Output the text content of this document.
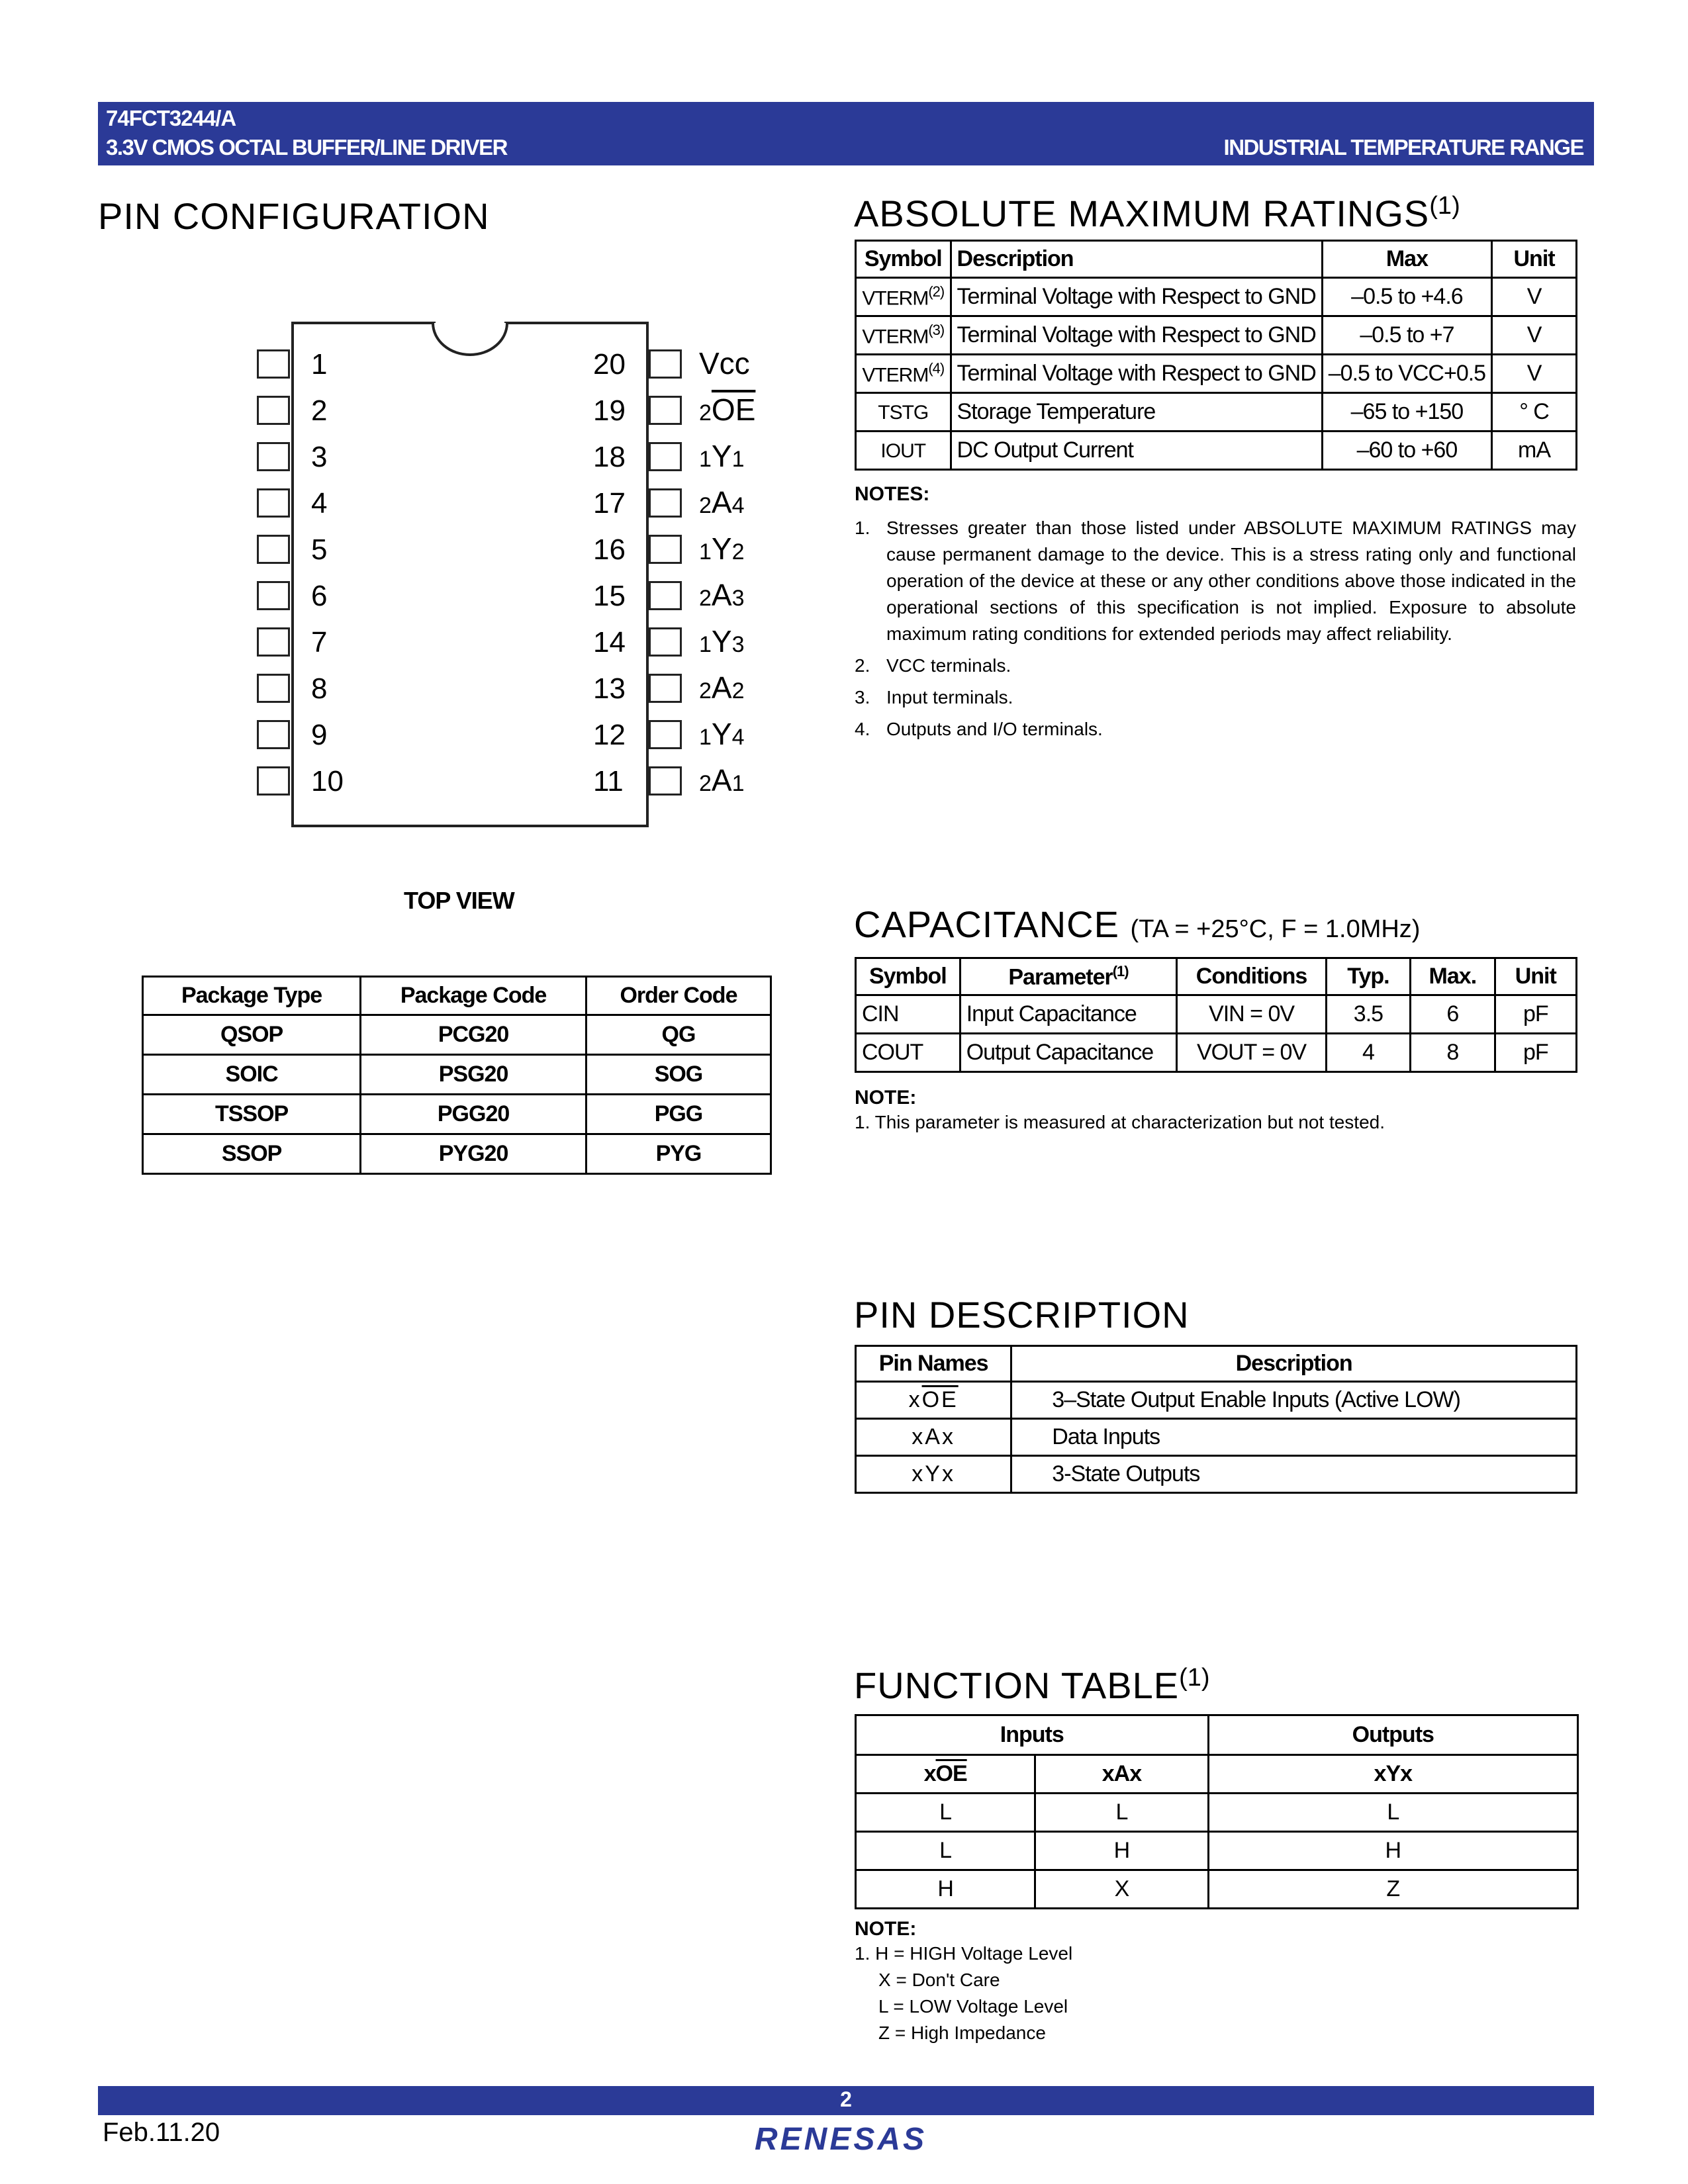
74FCT3244/A
3.3V CMOS OCTAL BUFFER/LINE DRIVER	INDUSTRIAL TEMPERATURE RANGE
PIN CONFIGURATION
1
2
3
4
5
6
7
8
9
10
20 Vcc
19	$2\overline{OE}$
18	1Y1
17	2A4
16	1Y2
15	2A3
14	1Y3
13	2A2
12	1Y4
11	2A1
TOP VIEW
Package Type	Package Code	Order Code
QSOP	PCG20	QG
SOIC	PSG20	SOG
TSSOP	PGG20	PGG
SSOP	PYG20	PYG
ABSOLUTE MAXIMUM RATINGS$^{(1)}$
Symbol	Description	Max	Unit
VTERM$^{(2)}$	Terminal Voltage with Respect to GND	–0.5 to +4.6	V
VTERM$^{(3)}$	Terminal Voltage with Respect to GND	–0.5 to +7	V
VTERM$^{(4)}$	Terminal Voltage with Respect to GND	–0.5 to VCC+0.5	V
TSTG	Storage Temperature	–65 to +150	° C
IOUT	DC Output Current	–60 to +60	mA
NOTES:
1. Stresses greater than those listed under ABSOLUTE MAXIMUM RATINGS may cause permanent damage to the device. This is a stress rating only and functional operation of the device at these or any other conditions above those indicated in the operational sections of this specification is not implied. Exposure to absolute maximum rating conditions for extended periods may affect reliability.
2. VCC terminals.
3. Input terminals.
4. Outputs and I/O terminals.
CAPACITANCE (TA = +25°C, F = 1.0MHz)
Symbol	Parameter$^{(1)}$	Conditions	Typ.	Max.	Unit
CIN	Input Capacitance	VIN = 0V	3.5	6	pF
COUT	Output Capacitance	VOUT = 0V	4	8	pF
NOTE:
1. This parameter is measured at characterization but not tested.
PIN DESCRIPTION
Pin Names	Description
$x\overline{OE}$	3–State Output Enable Inputs (Active LOW)
xAx	Data Inputs
xYx	3-State Outputs
FUNCTION TABLE$^{(1)}$
Inputs		Outputs
$x\overline{OE}$	xAx	xYx
L	L	L
L	H	H
H	X	Z
NOTE:
1. H = HIGH Voltage Level
X = Don't Care
L = LOW Voltage Level
Z = High Impedance
2
Feb.11.20	RENESAS
